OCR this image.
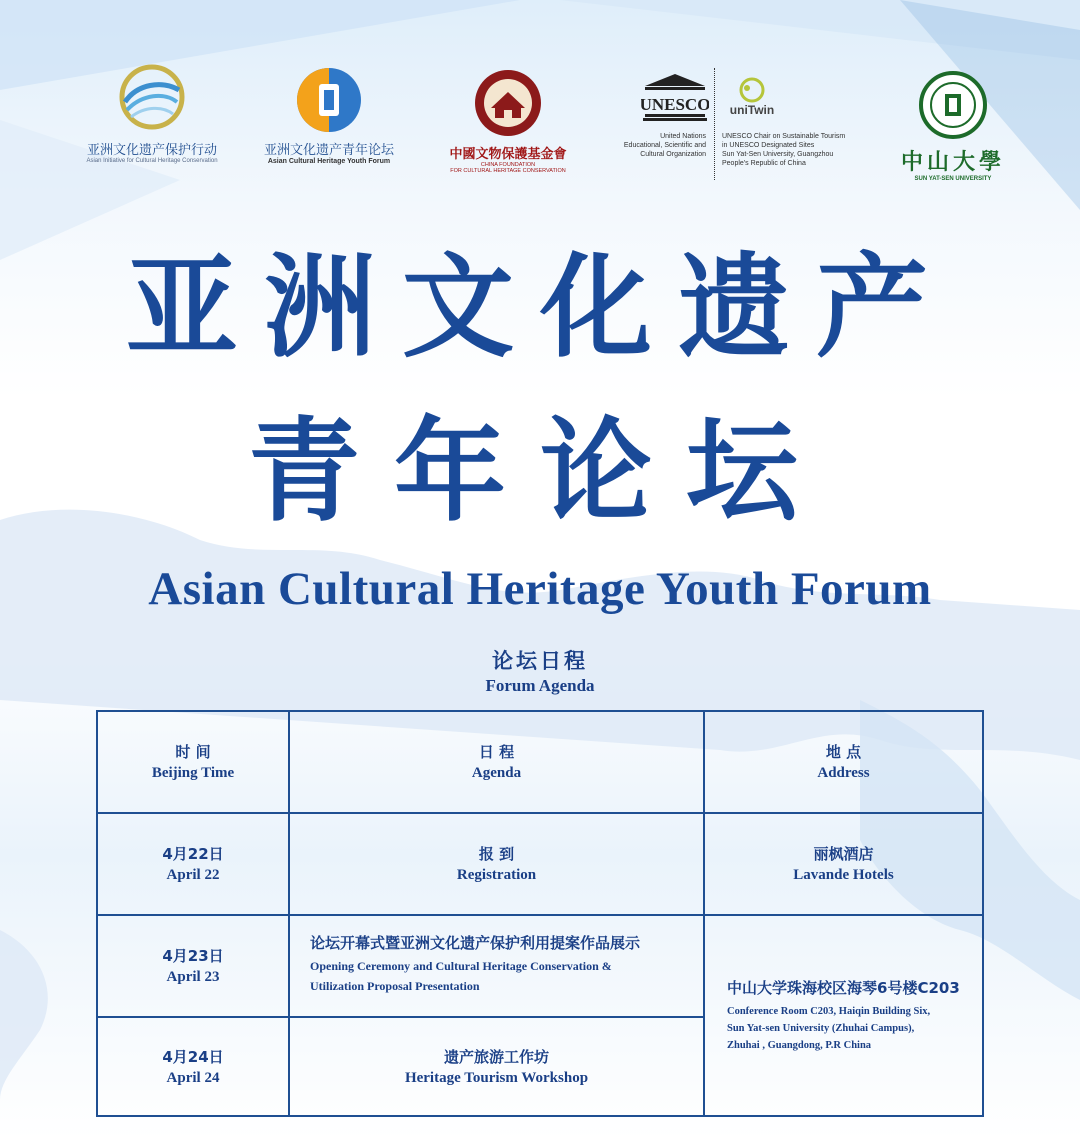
亚洲文化遗产保护行动
Asian Initiative for Cultural Heritage Conservation
亚洲文化遗产青年论坛
Asian Cultural Heritage Youth Forum	中國文物保護基金會
CHINA FOUNDATION
FOR CULTURAL HERITAGE CONSERVATION
UNESCO
United Nations
Educational, Scientific and
Cultural Organization
uniTwin
UNESCO Chair on Sustainable Tourism
in UNESCO Designated Sites
Sun Yat-Sen University, Guangzhou
People's Republic of China	中山大學
SUN YAT-SEN UNIVERSITY
亚洲文化遗产
青年论坛
Asian Cultural Heritage Youth Forum
论坛日程
Forum Agenda
时 间
Beijing Time
日 程
Agenda
地 点
Address
4月22日
April 22
报 到
Registration
丽枫酒店
Lavande Hotels
4月23日
April 23
论坛开幕式暨亚洲文化遗产保护利用提案作品展示
Opening Ceremony and Cultural Heritage Conservation &
Utilization Proposal Presentation
4月24日
April 24
遗产旅游工作坊
Heritage Tourism Workshop
中山大学珠海校区海琴6号楼C203
Conference Room C203, Haiqin Building Six,
Sun Yat-sen University (Zhuhai Campus),
Zhuhai , Guangdong, P.R China
